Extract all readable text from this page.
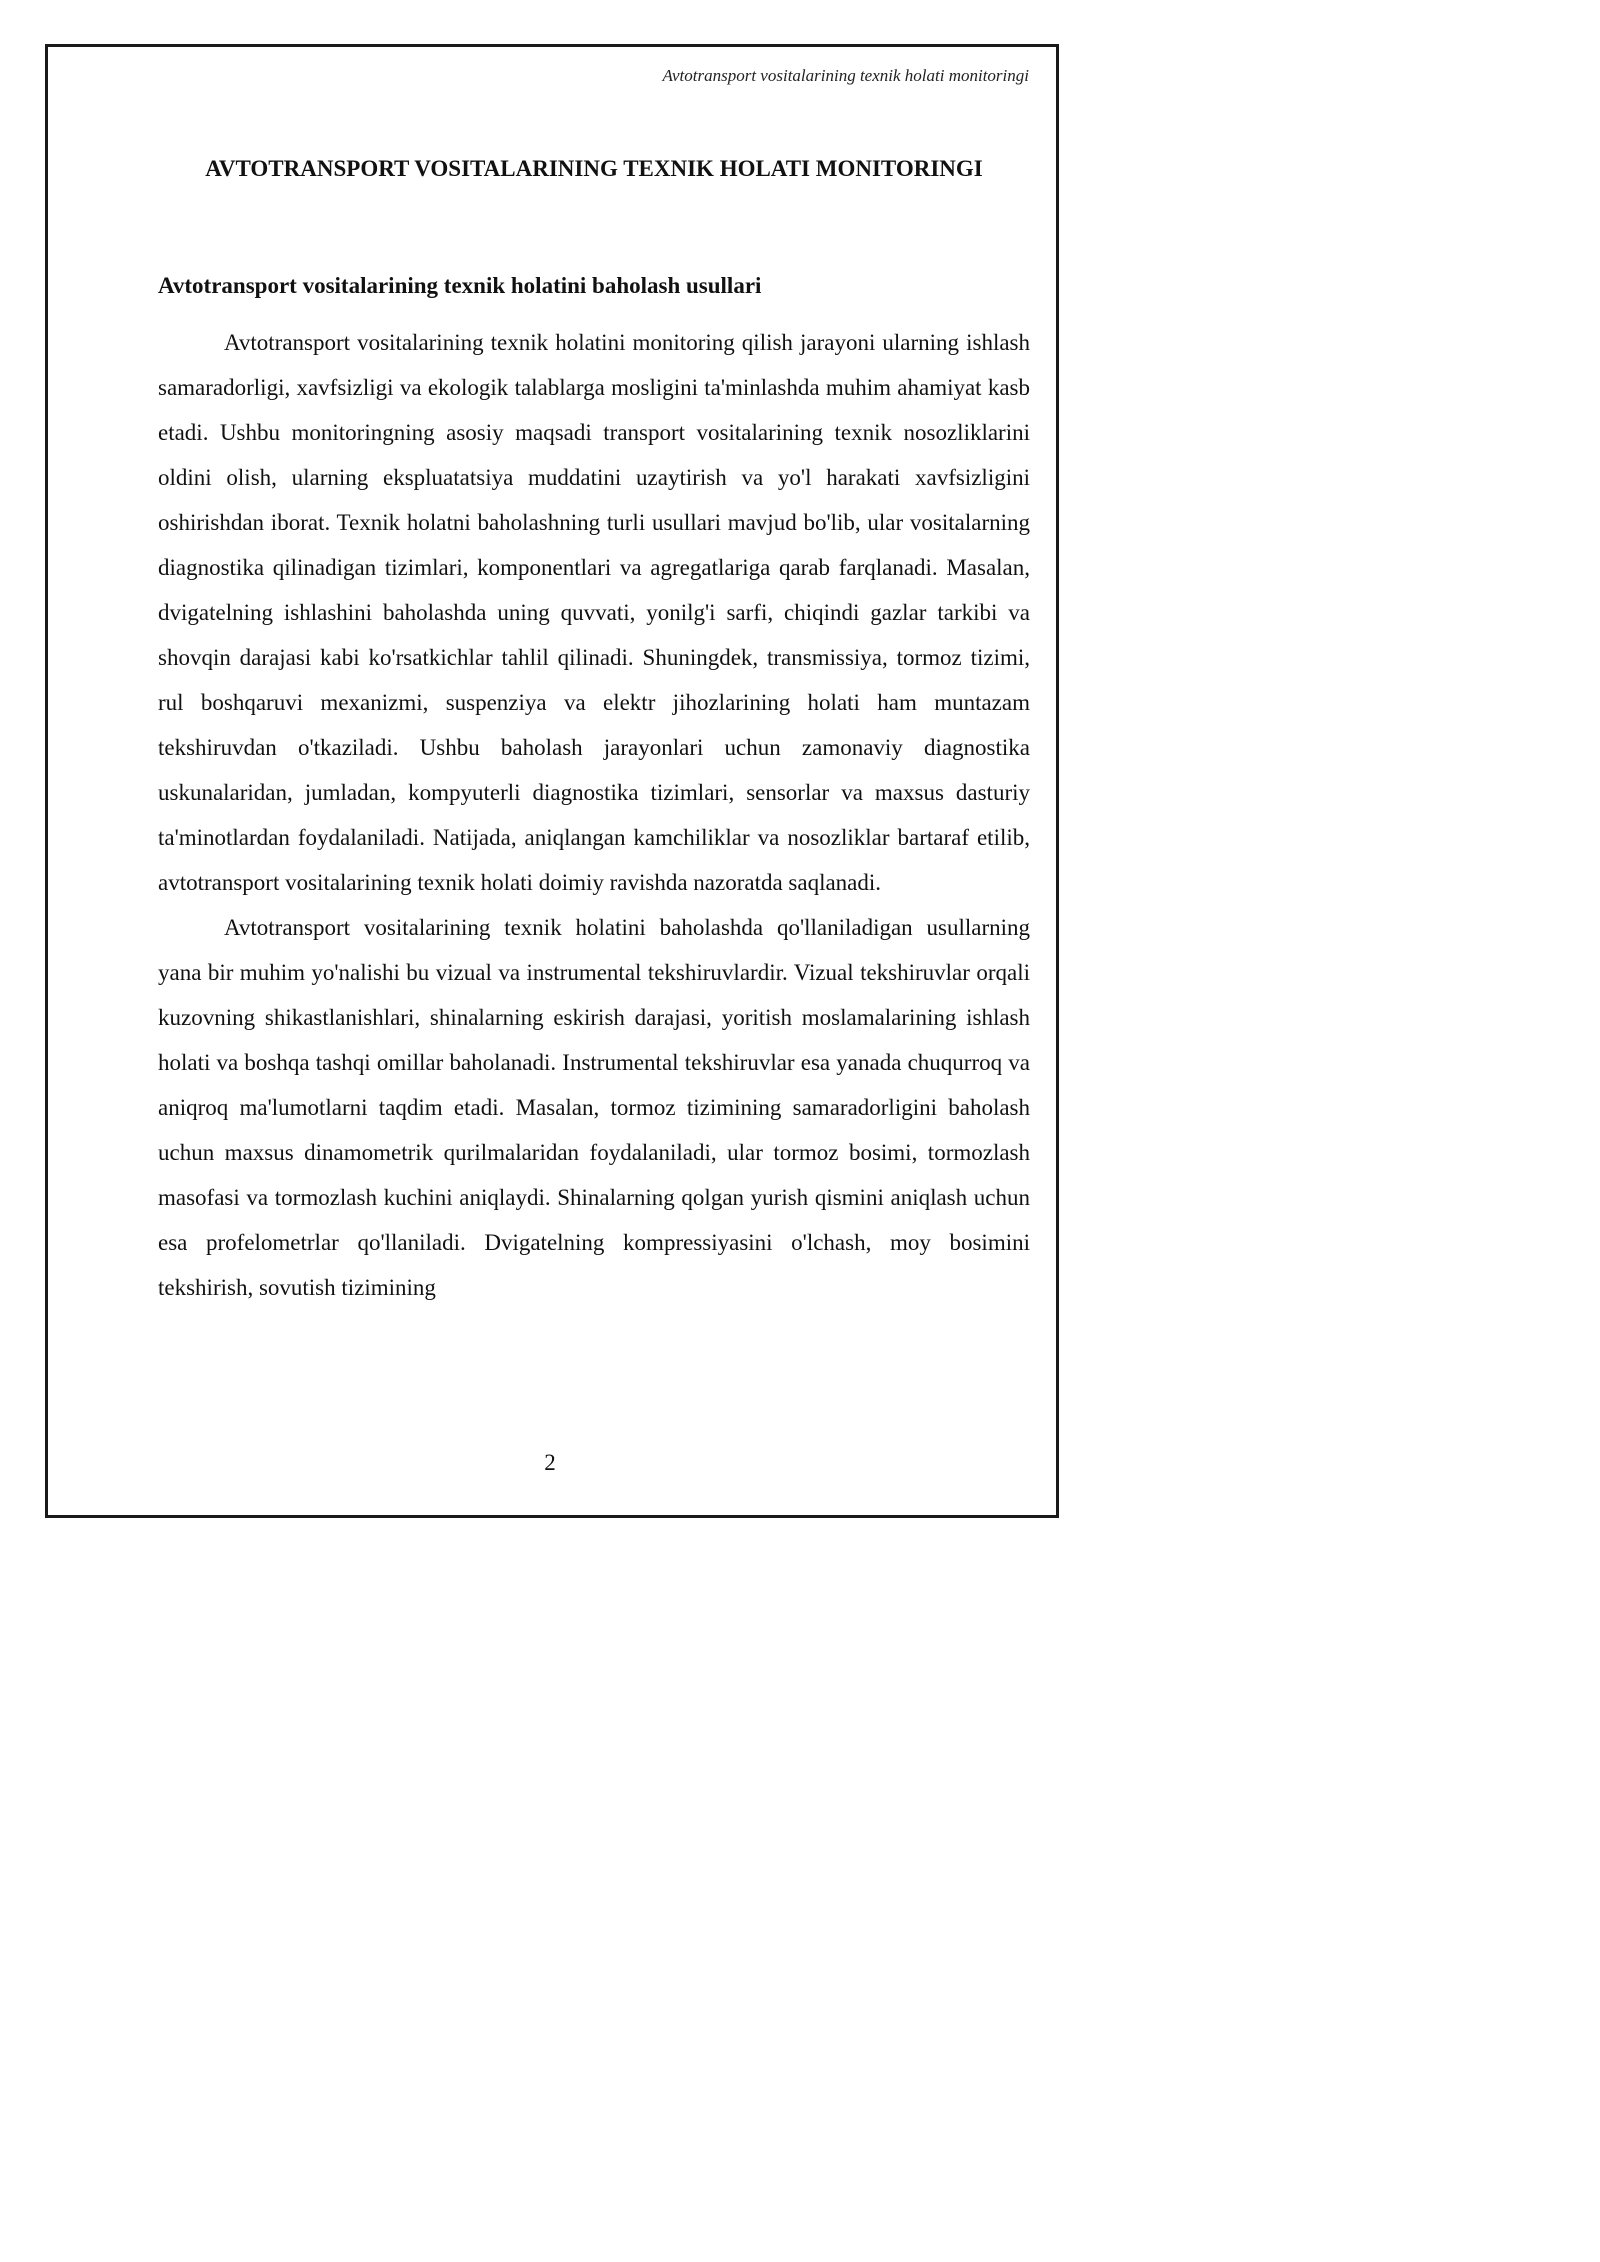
Avtotransport vositalarining texnik holati monitoringi
AVTOTRANSPORT VOSITALARINING TEXNIK HOLATI MONITORINGI
Avtotransport vositalarining texnik holatini baholash usullari

Avtotransport vositalarining texnik holatini monitoring qilish jarayoni ularning ishlash samaradorligi, xavfsizligi va ekologik talablarga mosligini ta'minlashda muhim ahamiyat kasb etadi. Ushbu monitoringning asosiy maqsadi transport vositalarining texnik nosozliklarini oldini olish, ularning ekspluatatsiya muddatini uzaytirish va yo'l harakati xavfsizligini oshirishdan iborat. Texnik holatni baholashning turli usullari mavjud bo'lib, ular vositalarning diagnostika qilinadigan tizimlari, komponentlari va agregatlariga qarab farqlanadi. Masalan, dvigatelning ishlashini baholashda uning quvvati, yonilg'i sarfi, chiqindi gazlar tarkibi va shovqin darajasi kabi ko'rsatkichlar tahlil qilinadi. Shuningdek, transmissiya, tormoz tizimi, rul boshqaruvi mexanizmi, suspenziya va elektr jihozlarining holati ham muntazam tekshiruvdan o'tkaziladi. Ushbu baholash jarayonlari uchun zamonaviy diagnostika uskunalaridan, jumladan, kompyuterli diagnostika tizimlari, sensorlar va maxsus dasturiy ta'minotlardan foydalaniladi. Natijada, aniqlangan kamchiliklar va nosozliklar bartaraf etilib, avtotransport vositalarining texnik holati doimiy ravishda nazoratda saqlanadi.

Avtotransport vositalarining texnik holatini baholashda qo'llaniladigan usullarning yana bir muhim yo'nalishi bu vizual va instrumental tekshiruvlardir. Vizual tekshiruvlar orqali kuzovning shikastlanishlari, shinalarning eskirish darajasi, yoritish moslamalarining ishlash holati va boshqa tashqi omillar baholanadi. Instrumental tekshiruvlar esa yanada chuqurroq va aniqroq ma'lumotlarni taqdim etadi. Masalan, tormoz tizimining samaradorligini baholash uchun maxsus dinamometrik qurilmalaridan foydalaniladi, ular tormoz bosimi, tormozlash masofasi va tormozlash kuchini aniqlaydi. Shinalarning qolgan yurish qismini aniqlash uchun esa profelometrlar qo'llaniladi. Dvigatelning kompressiyasini o'lchash, moy bosimini tekshirish, sovutish tizimining

2
